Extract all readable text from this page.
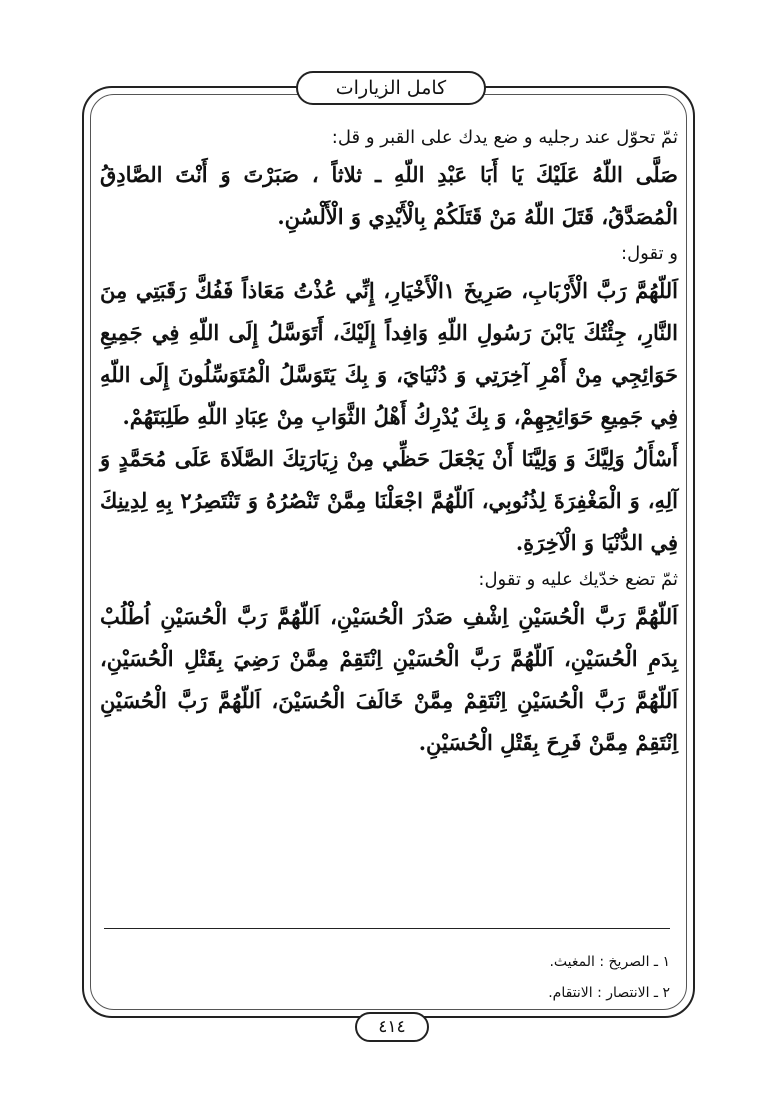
كامل الزيارات

ثمّ تحوّل عند رجليه و ضع يدك على القبر و قل:

صَلَّى اللّهُ عَلَيْكَ يَا أَبَا عَبْدِ اللّهِ ـ ثلاثاً ، صَبَرْتَ وَ أَنْتَ الصَّادِقُ الْمُصَدَّقُ، قَتَلَ اللّهُ مَنْ قَتَلَكُمْ بِالْأَيْدِي وَ الْأَلْسُنِ.

و تقول:

اَللّهُمَّ رَبَّ الْأَرْبَابِ، صَرِيخَ ١الْأَخْيَارِ، إِنِّي عُذْتُ مَعَاذاً فَفُكَّ رَقَبَتِي مِنَ النَّارِ، جِئْتُكَ يَابْنَ رَسُولِ اللّهِ وَافِداً إِلَيْكَ، أَتَوَسَّلُ إِلَى اللّهِ فِي جَمِيعِ حَوَائِجِي مِنْ أَمْرِ آخِرَتِي وَ دُنْيَايَ، وَ بِكَ يَتَوَسَّلُ الْمُتَوَسِّلُونَ إِلَى اللّهِ فِي جَمِيعِ حَوَائِجِهِمْ، وَ بِكَ يُدْرِكُ أَهْلُ الثَّوَابِ مِنْ عِبَادِ اللّهِ طَلِبَتَهُمْ.

أَسْأَلُ وَلِيَّكَ وَ وَلِيَّنَا أَنْ يَجْعَلَ حَظِّي مِنْ زِيَارَتِكَ الصَّلَاةَ عَلَى مُحَمَّدٍ وَ آلِهِ، وَ الْمَغْفِرَةَ لِذُنُوبِي، اَللّهُمَّ اجْعَلْنَا مِمَّنْ تَنْصُرُهُ وَ تَنْتَصِرُ٢ بِهِ لِدِينِكَ فِي الدُّنْيَا وَ الْآخِرَةِ.

ثمّ تضع خدّيك عليه و تقول:

اَللّهُمَّ رَبَّ الْحُسَيْنِ اِشْفِ صَدْرَ الْحُسَيْنِ، اَللّهُمَّ رَبَّ الْحُسَيْنِ اُطْلُبْ بِدَمِ الْحُسَيْنِ، اَللّهُمَّ رَبَّ الْحُسَيْنِ اِنْتَقِمْ مِمَّنْ رَضِيَ بِقَتْلِ الْحُسَيْنِ، اَللّهُمَّ رَبَّ الْحُسَيْنِ اِنْتَقِمْ مِمَّنْ خَالَفَ الْحُسَيْنَ، اَللّهُمَّ رَبَّ الْحُسَيْنِ اِنْتَقِمْ مِمَّنْ فَرِحَ بِقَتْلِ الْحُسَيْنِ.

١ ـ الصريخ : المغيث.

٢ ـ الانتصار : الانتقام.

٤١٤
